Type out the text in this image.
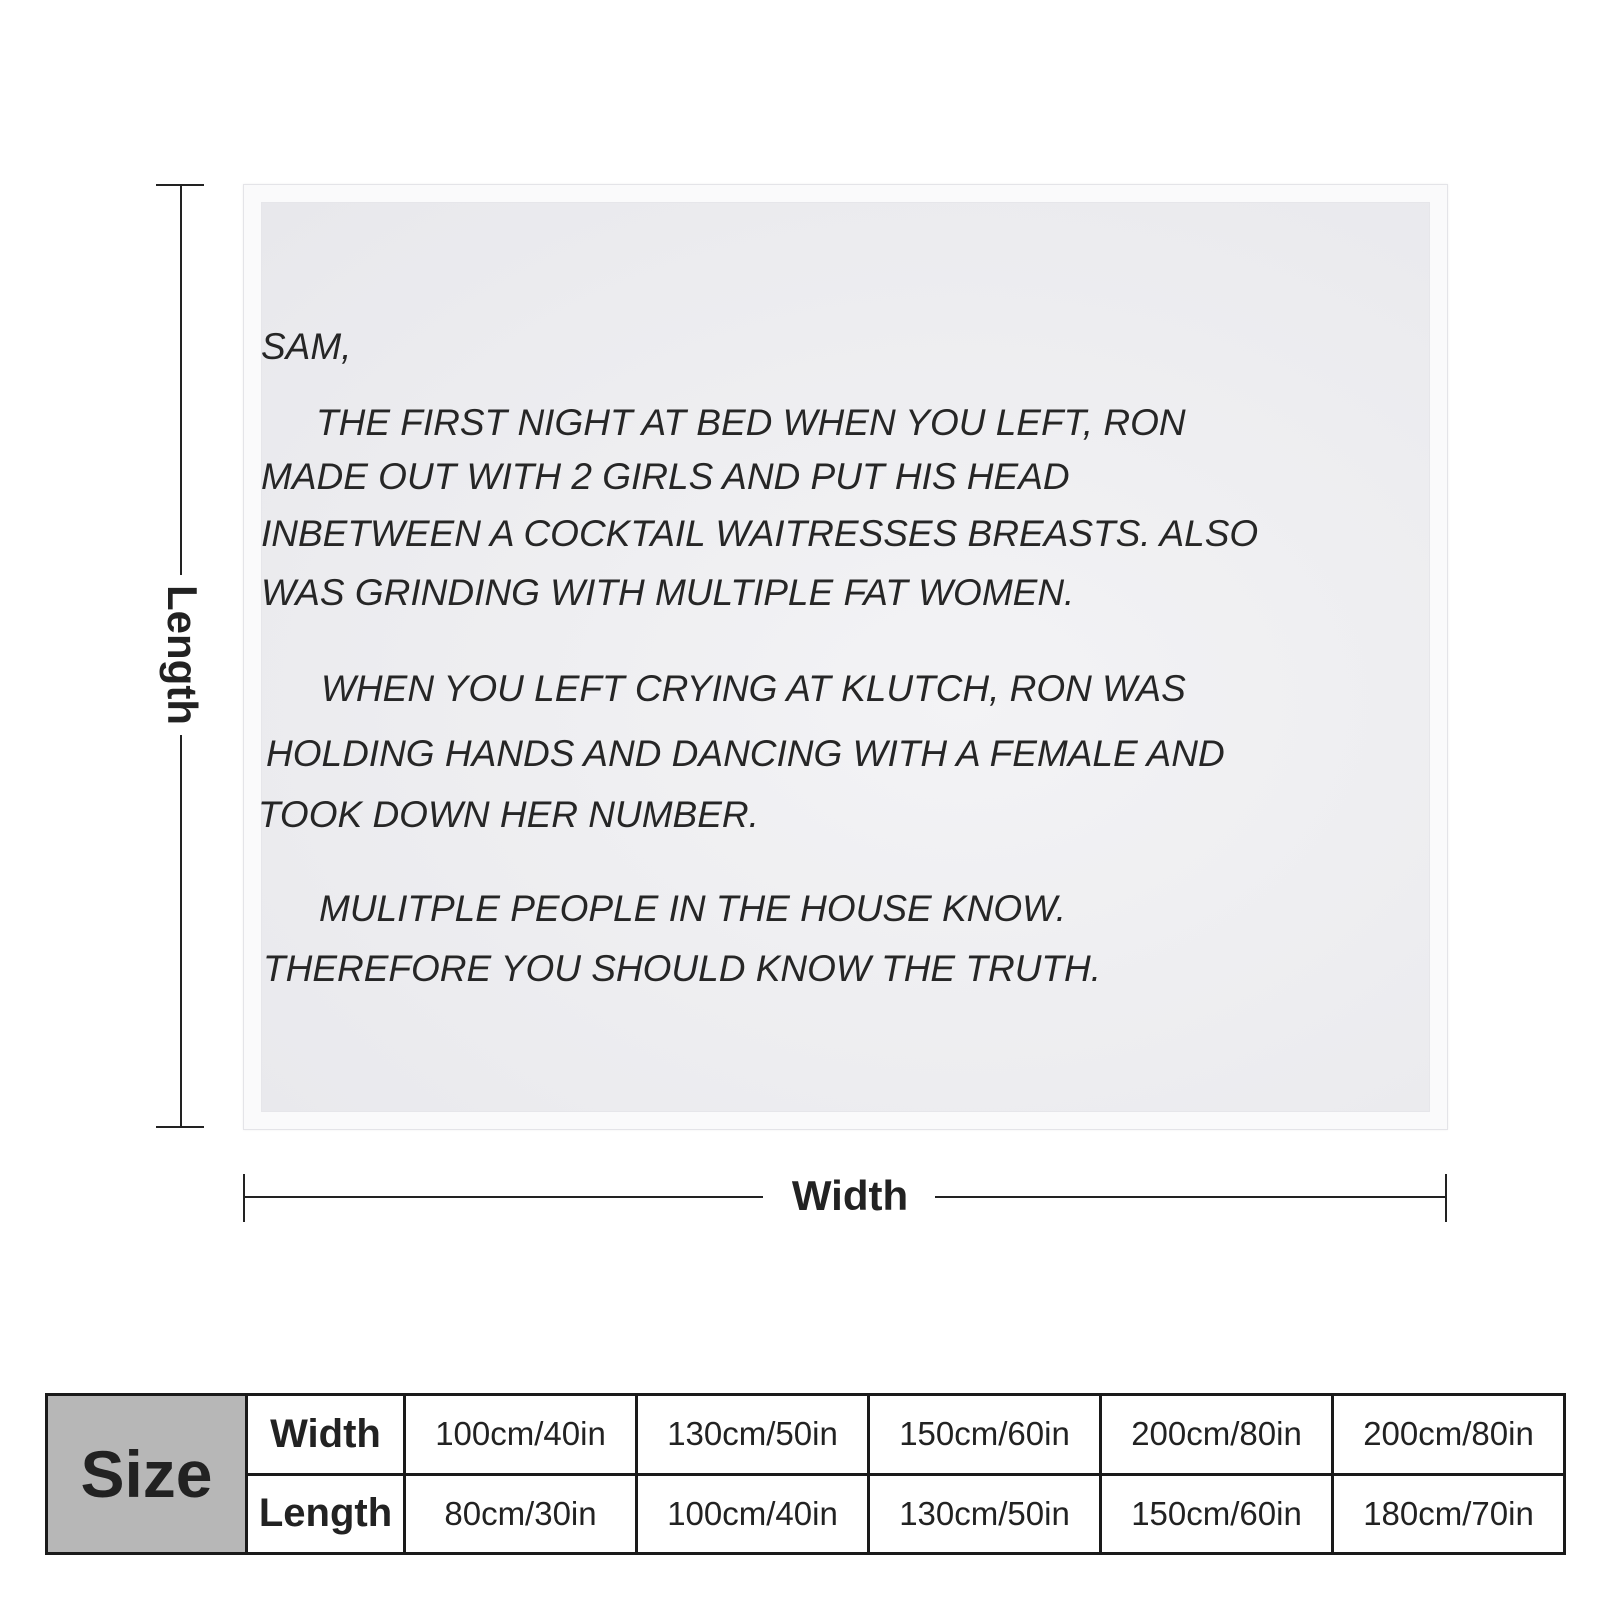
SAM,
THE FIRST NIGHT AT BED WHEN YOU LEFT, RON
MADE OUT WITH 2 GIRLS AND PUT HIS HEAD
INBETWEEN A COCKTAIL WAITRESSES BREASTS. ALSO
WAS GRINDING WITH MULTIPLE FAT WOMEN.
WHEN YOU LEFT CRYING AT KLUTCH, RON WAS
HOLDING HANDS AND DANCING WITH A FEMALE AND
TOOK DOWN HER NUMBER.
MULITPLE PEOPLE IN THE HOUSE KNOW.
THEREFORE YOU SHOULD KNOW THE TRUTH.
Length
Width
Size	Width	100cm/40in	130cm/50in	150cm/60in	200cm/80in	200cm/80in
	Length	80cm/30in	100cm/40in	130cm/50in	150cm/60in	180cm/70in
